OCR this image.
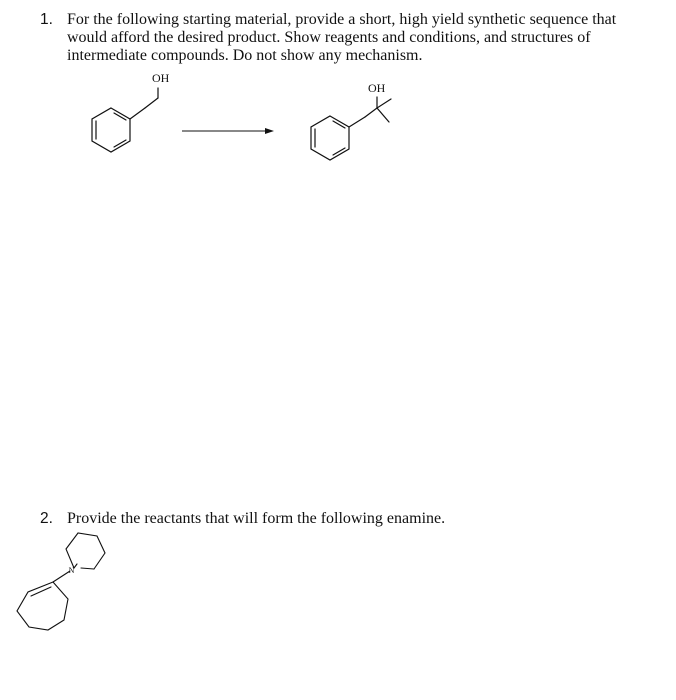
1. For the following starting material, provide a short, high yield synthetic sequence that
would afford the desired product. Show reagents and conditions, and structures of
intermediate compounds. Do not show any mechanism.
OH
OH
2. Provide the reactants that will form the following enamine.
N
